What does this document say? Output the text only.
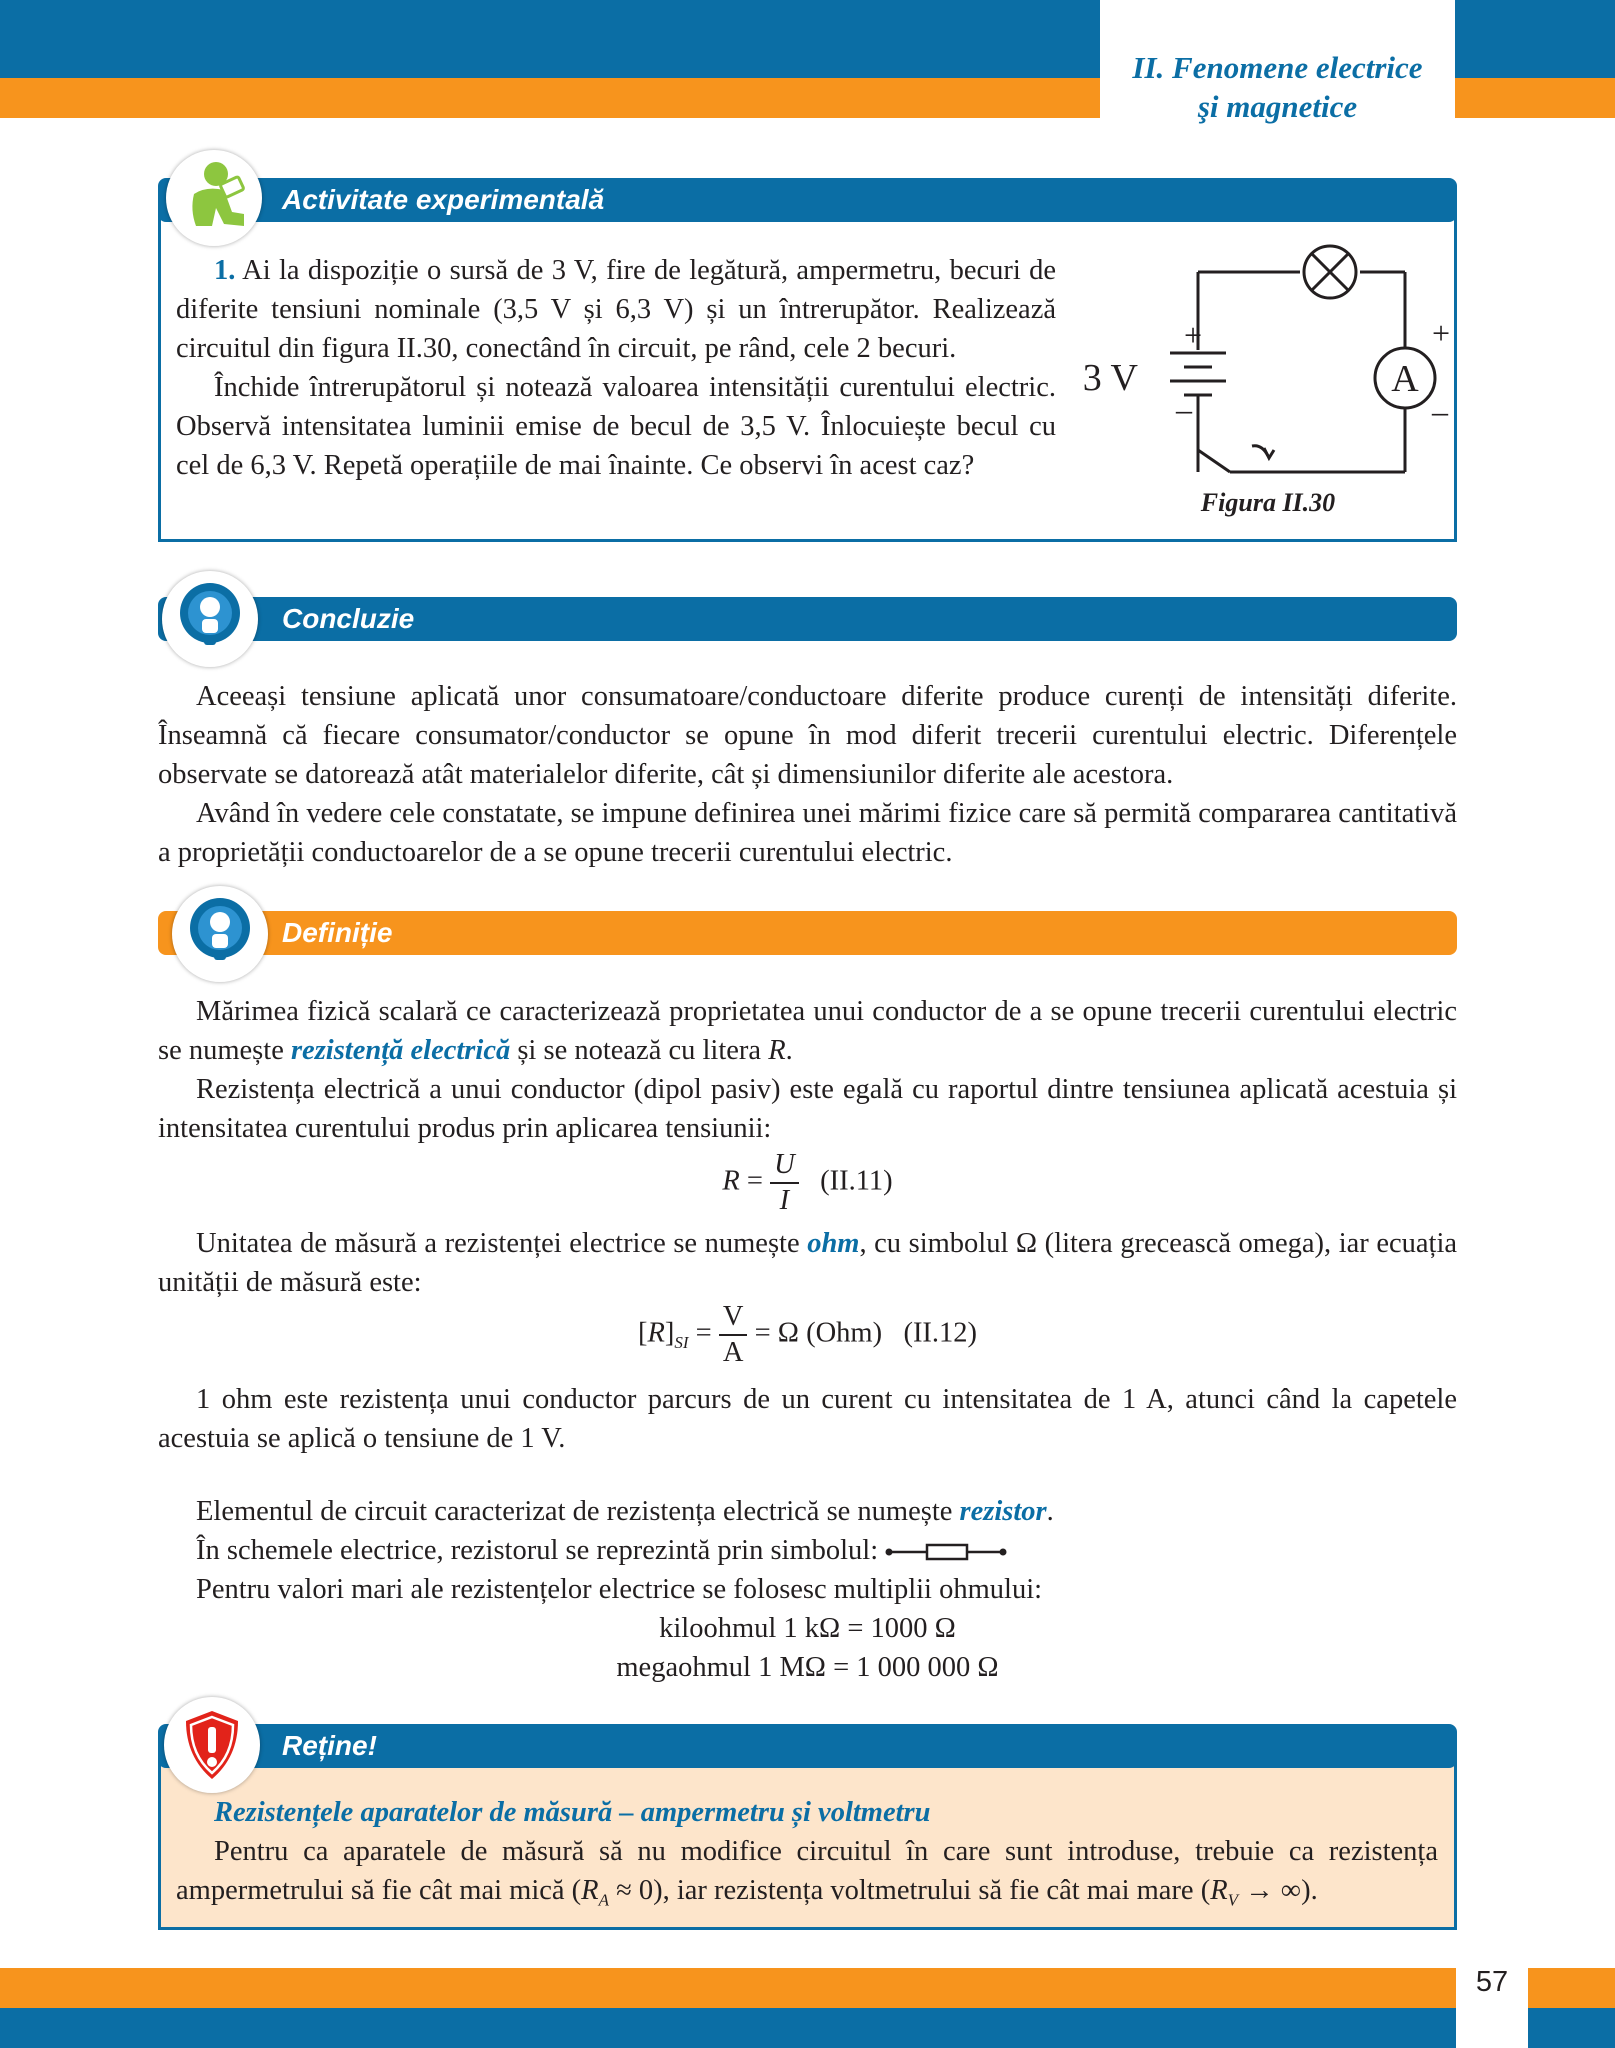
II. Fenomene electrice
şi magnetice
Activitate experimentală
1. Ai la dispoziție o sursă de 3 V, fire de legătură, ampermetru, becuri de diferite tensiuni nominale (3,5 V și 6,3 V) și un întrerupător. Realizează circuitul din figura II.30, conectând în circuit, pe rând, cele 2 becuri.
Închide întrerupătorul și notează valoarea intensității curentului electric. Observă intensitatea luminii emise de becul de 3,5 V. Înlocuiește becul cu cel de 6,3 V. Repetă operațiile de mai înainte. Ce observi în acest caz?
3 V
+
–
A
+
–
Figura II.30
Concluzie
Aceeași tensiune aplicată unor consumatoare/conductoare diferite produce curenți de intensități diferite. Înseamnă că fiecare consumator/conductor se opune în mod diferit trecerii curentului electric. Diferențele observate se datorează atât materialelor diferite, cât și dimensiunilor diferite ale acestora.
Având în vedere cele constatate, se impune definirea unei mărimi fizice care să permită compararea cantitativă a proprietății conductoarelor de a se opune trecerii curentului electric.
Definiție
Mărimea fizică scalară ce caracterizează proprietatea unui conductor de a se opune trecerii curentului electric se numește rezistență electrică și se notează cu litera R.
Rezistența electrică a unui conductor (dipol pasiv) este egală cu raportul dintre tensiunea aplicată acestuia și intensitatea curentului produs prin aplicarea tensiunii:
$R = \frac{U}{I} (II.11)$
Unitatea de măsură a rezistenței electrice se numește ohm, cu simbolul Ω (litera grecească omega), iar ecuația unității de măsură este:
$[R]_{SI} = \frac{V}{A} = \Omega$ (Ohm) (II.12)
1 ohm este rezistența unui conductor parcurs de un curent cu intensitatea de 1 A, atunci când la capetele acestuia se aplică o tensiune de 1 V.
Elementul de circuit caracterizat de rezistența electrică se numește rezistor.
În schemele electrice, rezistorul se reprezintă prin simbolul:
Pentru valori mari ale rezistențelor electrice se folosesc multiplii ohmului:
kiloohmul 1 kΩ = 1000 Ω
megaohmul 1 MΩ = 1 000 000 Ω
Reține!
Rezistențele aparatelor de măsură – ampermetru și voltmetru
Pentru ca aparatele de măsură să nu modifice circuitul în care sunt introduse, trebuie ca rezistența ampermetrului să fie cât mai mică $(R_A \approx 0)$, iar rezistența voltmetrului să fie cât mai mare ($R_V$ → ∞).
57
